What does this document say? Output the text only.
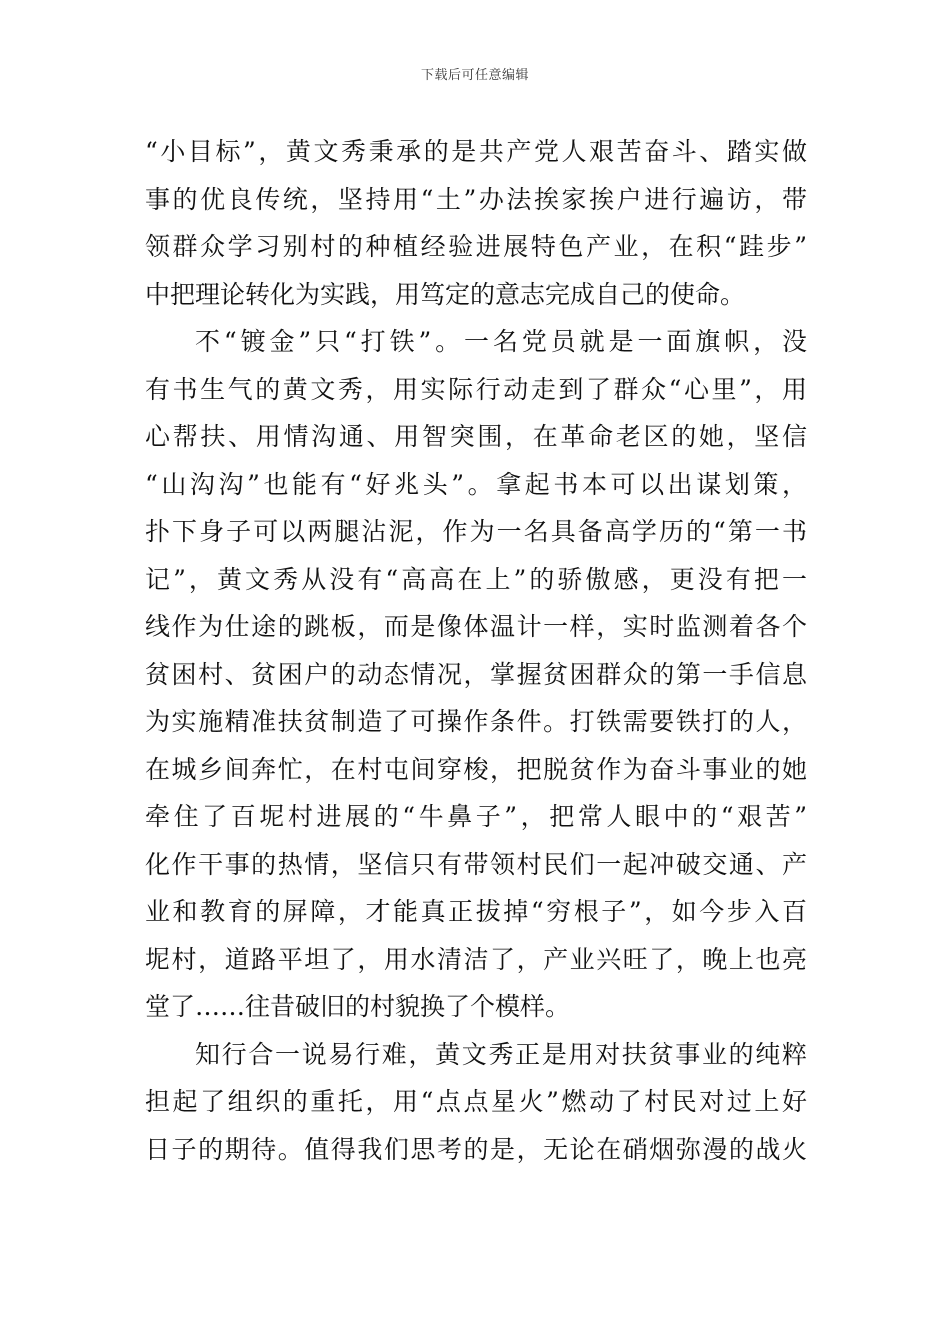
下载后可任意编辑
“小目标”，黄文秀秉承的是共产党人艰苦奋斗、踏实做
事的优良传统，坚持用“土”办法挨家挨户进行遍访，带
领群众学习别村的种植经验进展特色产业，在积“跬步”
中把理论转化为实践，用笃定的意志完成自己的使命。
不“镀金”只“打铁”。一名党员就是一面旗帜，没
有书生气的黄文秀，用实际行动走到了群众“心里”，用
心帮扶、用情沟通、用智突围，在革命老区的她，坚信
“山沟沟”也能有“好兆头”。拿起书本可以出谋划策，
扑下身子可以两腿沾泥，作为一名具备高学历的“第一书
记”，黄文秀从没有“高高在上”的骄傲感，更没有把一
线作为仕途的跳板，而是像体温计一样，实时监测着各个
贫困村、贫困户的动态情况，掌握贫困群众的第一手信息
为实施精准扶贫制造了可操作条件。打铁需要铁打的人，
在城乡间奔忙，在村屯间穿梭，把脱贫作为奋斗事业的她
牵住了百坭村进展的“牛鼻子”，把常人眼中的“艰苦”
化作干事的热情，坚信只有带领村民们一起冲破交通、产
业和教育的屏障，才能真正拔掉“穷根子”，如今步入百
坭村，道路平坦了，用水清洁了，产业兴旺了，晚上也亮
堂了……往昔破旧的村貌换了个模样。
知行合一说易行难，黄文秀正是用对扶贫事业的纯粹
担起了组织的重托，用“点点星火”燃动了村民对过上好
日子的期待。值得我们思考的是，无论在硝烟弥漫的战火
